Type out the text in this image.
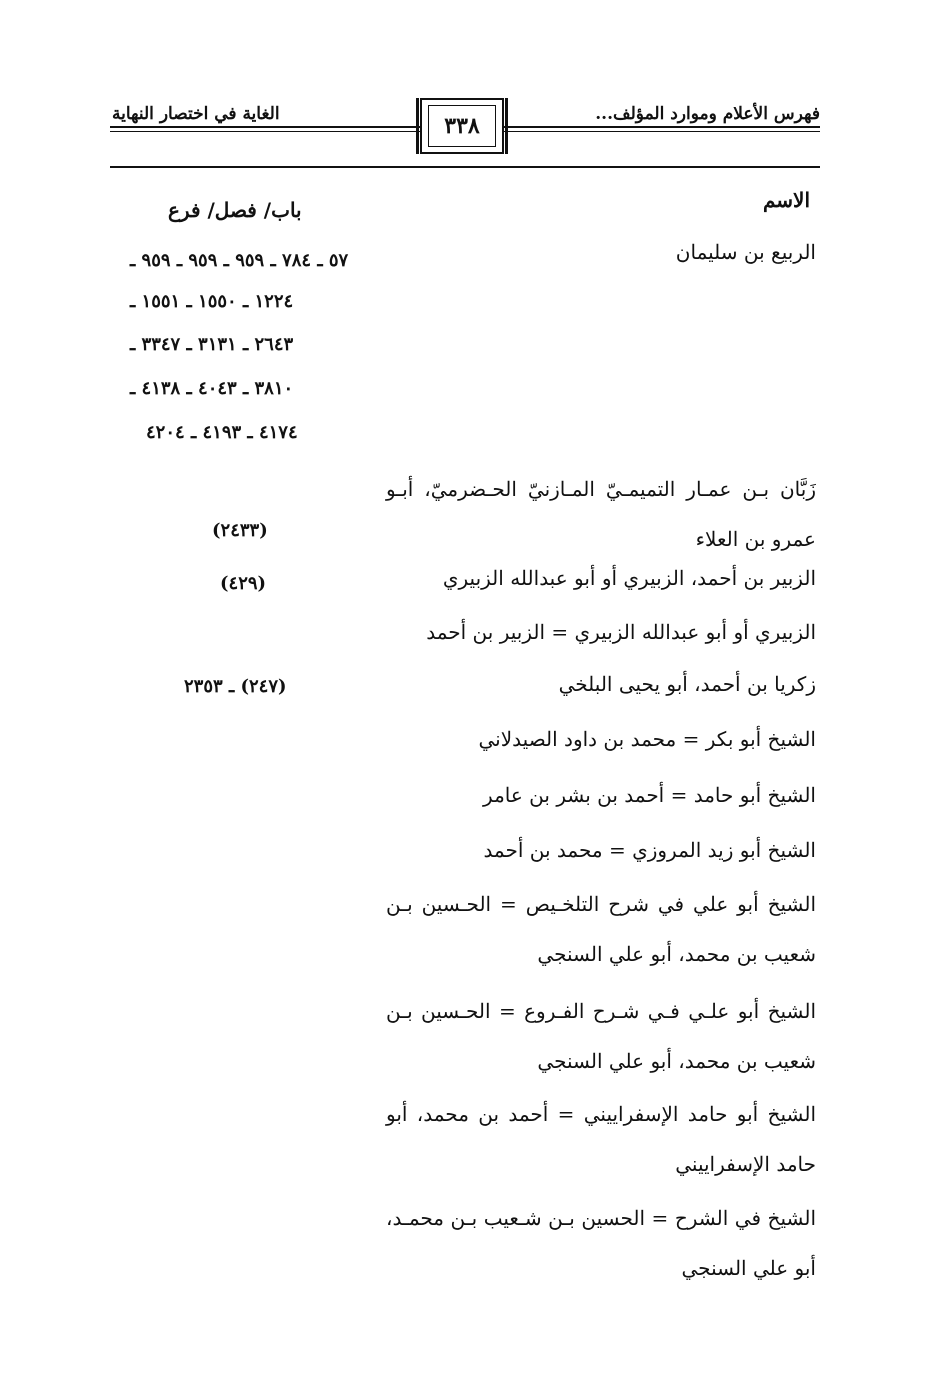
فهرس الأعلام وموارد المؤلف...
الغاية في اختصار النهاية	٣٣٨
الاسم
باب/ فصل/ فرع
الربيع بن سليمان
٥٧ ـ ٧٨٤ ـ ٩٥٩ ـ ٩٥٩ ـ ٩٥٩ ـ
١٢٢٤ ـ ١٥٥٠ ـ ١٥٥١ ـ
٢٦٤٣ ـ ٣١٣١ ـ ٣٣٤٧ ـ
٣٨١٠ ـ ٤٠٤٣ ـ ٤١٣٨ ـ
٤١٧٤ ـ ٤١٩٣ ـ ٤٢٠٤
زَبَّان بـن عمـار التميمـيّ المـازنيّ الحـضرميّ، أبـو عمرو بن العلاء
(٢٤٣٣)
الزبير بن أحمد، الزبيري أو أبو عبدالله الزبيري
(٤٢٩)
الزبيري أو أبو عبدالله الزبيري = الزبير بن أحمد
زكريا بن أحمد، أبو يحيى البلخي
(٢٤٧) ـ ٢٣٥٣
الشيخ أبو بكر = محمد بن داود الصيدلاني
الشيخ أبو حامد = أحمد بن بشر بن عامر
الشيخ أبو زيد المروزي = محمد بن أحمد
الشيخ أبو علي في شرح التلخـيص = الحـسين بـن شعيب بن محمد، أبو علي السنجي
الشيخ أبو علـي فـي شـرح الفـروع = الحـسين بـن شعيب بن محمد، أبو علي السنجي
الشيخ أبو حامد الإسفراييني = أحمد بن محمد، أبو حامد الإسفراييني
الشيخ في الشرح = الحسين بـن شـعيب بـن محمـد، أبو علي السنجي
